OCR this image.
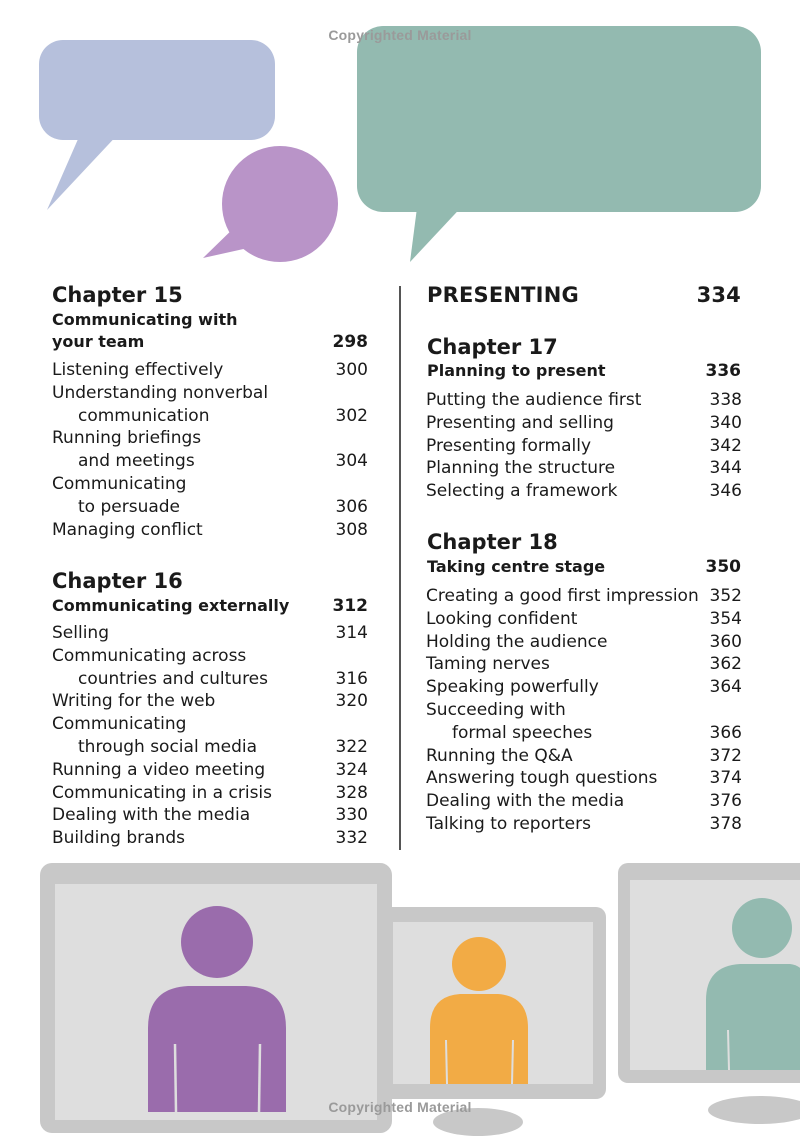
Copyrighted Material
Chapter 15
Communicating with
your team	298
Listening effectively	300
Understanding nonverbal
communication	302
Running briefings
and meetings	304
Communicating
to persuade	306
Managing conflict	308
Chapter 16
Communicating externally	312
Selling	314
Communicating across
countries and cultures	316
Writing for the web	320
Communicating
through social media	322
Running a video meeting	324
Communicating in a crisis	328
Dealing with the media	330
Building brands	332
PRESENTING	334
Chapter 17
Planning to present	336
Putting the audience first	338
Presenting and selling	340
Presenting formally	342
Planning the structure	344
Selecting a framework	346
Chapter 18
Taking centre stage	350
Creating a good first impression 352
Looking confident	354
Holding the audience	360
Taming nerves	362
Speaking powerfully	364
Succeeding with
formal speeches	366
Running the Q&A	372
Answering tough questions	374
Dealing with the media	376
Talking to reporters	378
Copyrighted Material
